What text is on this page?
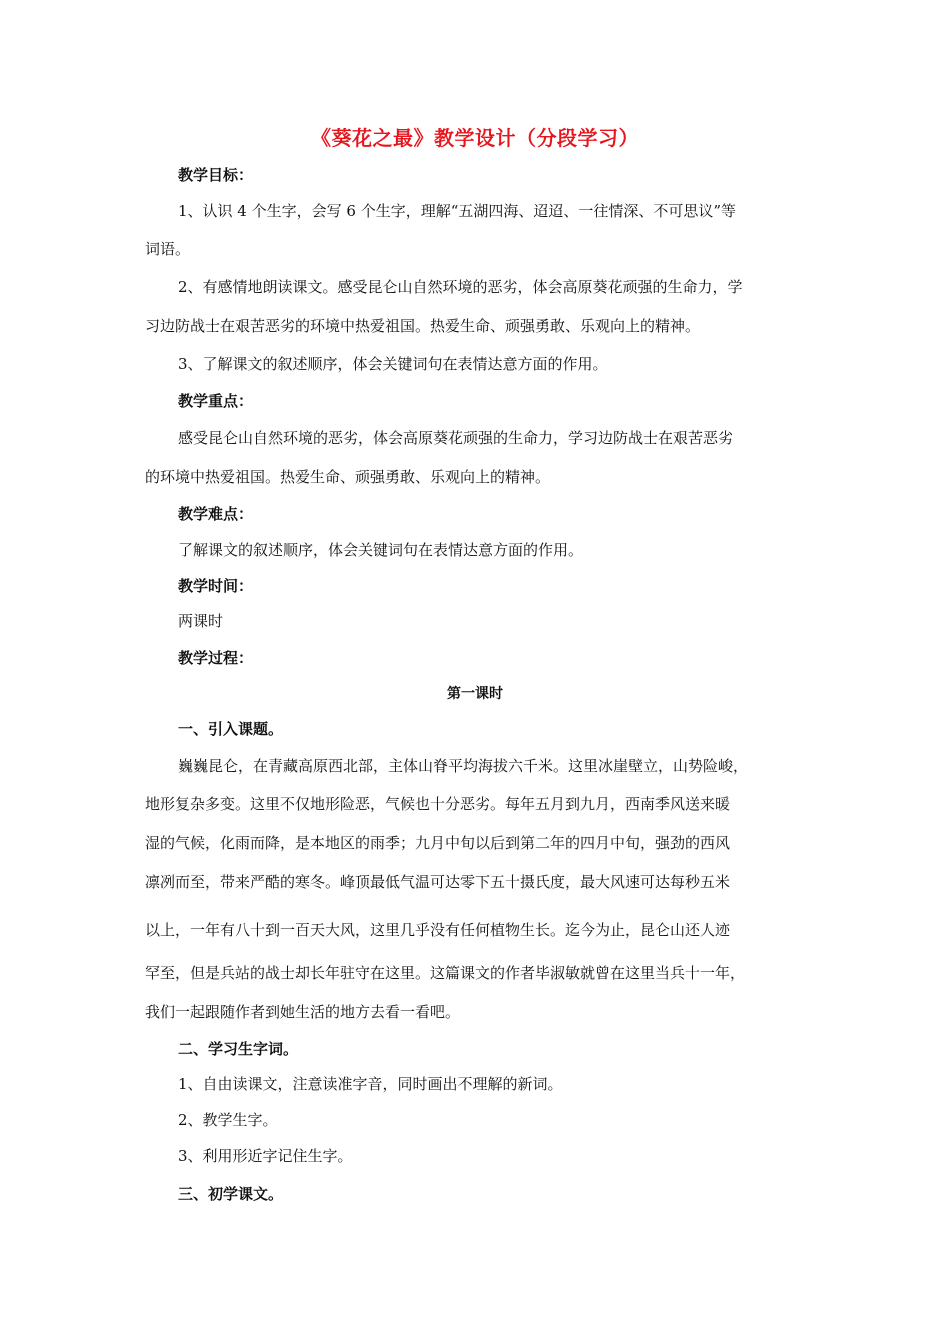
《葵花之最》教学设计（分段学习）
教学目标：
1、认识 4 个生字，会写 6 个生字，理解“五湖四海、迢迢、一往情深、不可思议”等
词语。
2、有感情地朗读课文。感受昆仑山自然环境的恶劣，体会高原葵花顽强的生命力，学
习边防战士在艰苦恶劣的环境中热爱祖国。热爱生命、顽强勇敢、乐观向上的精神。
3、了解课文的叙述顺序，体会关键词句在表情达意方面的作用。
教学重点：
感受昆仑山自然环境的恶劣，体会高原葵花顽强的生命力，学习边防战士在艰苦恶劣
的环境中热爱祖国。热爱生命、顽强勇敢、乐观向上的精神。
教学难点：
了解课文的叙述顺序，体会关键词句在表情达意方面的作用。
教学时间：
两课时
教学过程：
第一课时
一、引入课题。
巍巍昆仑，在青藏高原西北部，主体山脊平均海拔六千米。这里冰崖壁立，山势险峻，
地形复杂多变。这里不仅地形险恶，气候也十分恶劣。每年五月到九月，西南季风送来暖
湿的气候，化雨而降，是本地区的雨季；九月中旬以后到第二年的四月中旬，强劲的西风
凛冽而至，带来严酷的寒冬。峰顶最低气温可达零下五十摄氏度，最大风速可达每秒五米
以上，一年有八十到一百天大风，这里几乎没有任何植物生长。迄今为止，昆仑山还人迹
罕至，但是兵站的战士却长年驻守在这里。这篇课文的作者毕淑敏就曾在这里当兵十一年，
我们一起跟随作者到她生活的地方去看一看吧。
二、学习生字词。
1、自由读课文，注意读准字音，同时画出不理解的新词。
2、教学生字。
3、利用形近字记住生字。
三、初学课文。
